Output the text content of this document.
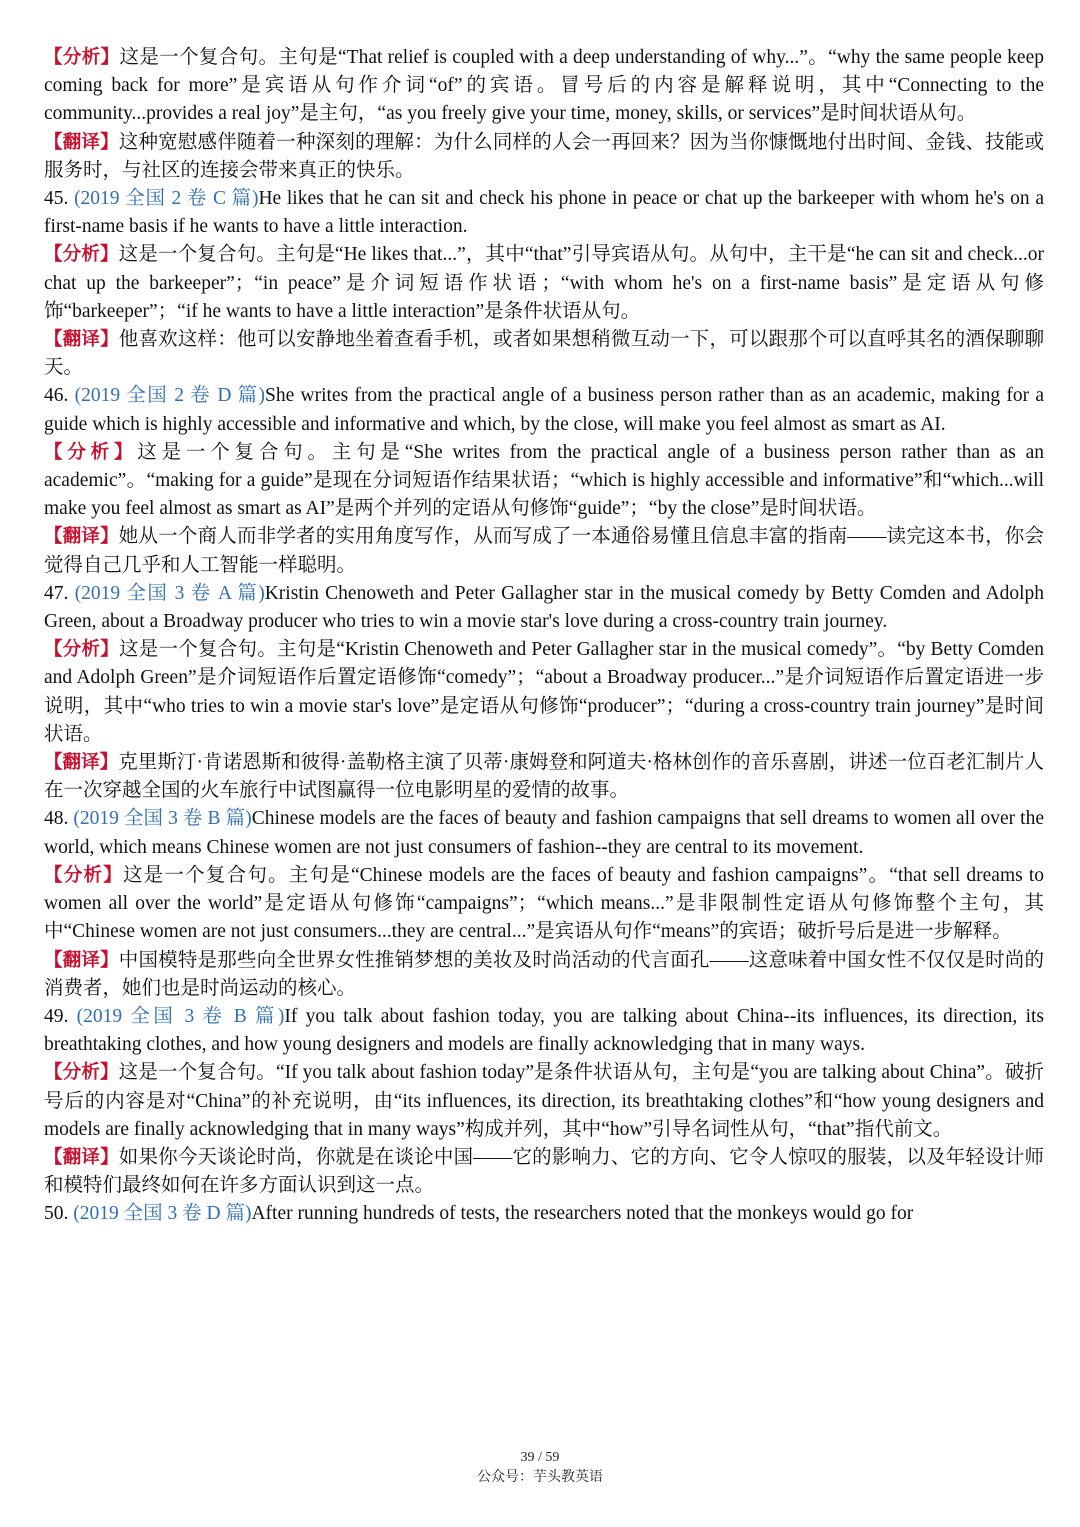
【分析】这是一个复合句。主句是“That relief is coupled with a deep understanding of why...”。“why the same people keep coming back for more”是宾语从句作介词“of”的宾语。冒号后的内容是解释说明，其中“Connecting to the community...provides a real joy”是主句，“as you freely give your time, money, skills, or services”是时间状语从句。

【翻译】这种宽慰感伴随着一种深刻的理解：为什么同样的人会一再回来？因为当你慷慨地付出时间、金钱、技能或服务时，与社区的连接会带来真正的快乐。

45. (2019 全国 2 卷 C 篇)He likes that he can sit and check his phone in peace or chat up the barkeeper with whom he's on a first-name basis if he wants to have a little interaction.

【分析】这是一个复合句。主句是“He likes that...”，其中“that”引导宾语从句。从句中，主干是“he can sit and check...or chat up the barkeeper”；“in peace”是介词短语作状语；“with whom he's on a first-name basis”是定语从句修饰“barkeeper”；“if he wants to have a little interaction”是条件状语从句。

【翻译】他喜欢这样：他可以安静地坐着查看手机，或者如果想稍微互动一下，可以跟那个可以直呼其名的酒保聊聊天。

46. (2019 全国 2 卷 D 篇)She writes from the practical angle of a business person rather than as an academic, making for a guide which is highly accessible and informative and which, by the close, will make you feel almost as smart as AI.

【分析】这是一个复合句。主句是“She writes from the practical angle of a business person rather than as an academic”。“making for a guide”是现在分词短语作结果状语；“which is highly accessible and informative”和“which...will make you feel almost as smart as AI”是两个并列的定语从句修饰“guide”；“by the close”是时间状语。

【翻译】她从一个商人而非学者的实用角度写作，从而写成了一本通俗易懂且信息丰富的指南——读完这本书，你会觉得自己几乎和人工智能一样聪明。

47. (2019 全国 3 卷 A 篇)Kristin Chenoweth and Peter Gallagher star in the musical comedy by Betty Comden and Adolph Green, about a Broadway producer who tries to win a movie star's love during a cross-country train journey.

【分析】这是一个复合句。主句是“Kristin Chenoweth and Peter Gallagher star in the musical comedy”。“by Betty Comden and Adolph Green”是介词短语作后置定语修饰“comedy”；“about a Broadway producer...”是介词短语作后置定语进一步说明，其中“who tries to win a movie star's love”是定语从句修饰“producer”；“during a cross-country train journey”是时间状语。

【翻译】克里斯汀·肯诺恩斯和彼得·盖勒格主演了贝蒂·康姆登和阿道夫·格林创作的音乐喜剧，讲述一位百老汇制片人在一次穿越全国的火车旅行中试图赢得一位电影明星的爱情的故事。

48. (2019 全国 3 卷 B 篇)Chinese models are the faces of beauty and fashion campaigns that sell dreams to women all over the world, which means Chinese women are not just consumers of fashion--they are central to its movement.

【分析】这是一个复合句。主句是“Chinese models are the faces of beauty and fashion campaigns”。“that sell dreams to women all over the world”是定语从句修饰“campaigns”；“which means...”是非限制性定语从句修饰整个主句，其中“Chinese women are not just consumers...they are central...”是宾语从句作“means”的宾语；破折号后是进一步解释。

【翻译】中国模特是那些向全世界女性推销梦想的美妆及时尚活动的代言面孔——这意味着中国女性不仅仅是时尚的消费者，她们也是时尚运动的核心。

49. (2019 全国 3 卷 B 篇)If you talk about fashion today, you are talking about China--its influences, its direction, its breathtaking clothes, and how young designers and models are finally acknowledging that in many ways.

【分析】这是一个复合句。“If you talk about fashion today”是条件状语从句，主句是“you are talking about China”。破折号后的内容是对“China”的补充说明，由“its influences, its direction, its breathtaking clothes”和“how young designers and models are finally acknowledging that in many ways”构成并列，其中“how”引导名词性从句，“that”指代前文。

【翻译】如果你今天谈论时尚，你就是在谈论中国——它的影响力、它的方向、它令人惊叹的服装，以及年轻设计师和模特们最终如何在许多方面认识到这一点。

50. (2019 全国 3 卷 D 篇)After running hundreds of tests, the researchers noted that the monkeys would go for

39 / 59
公众号：芋头教英语
